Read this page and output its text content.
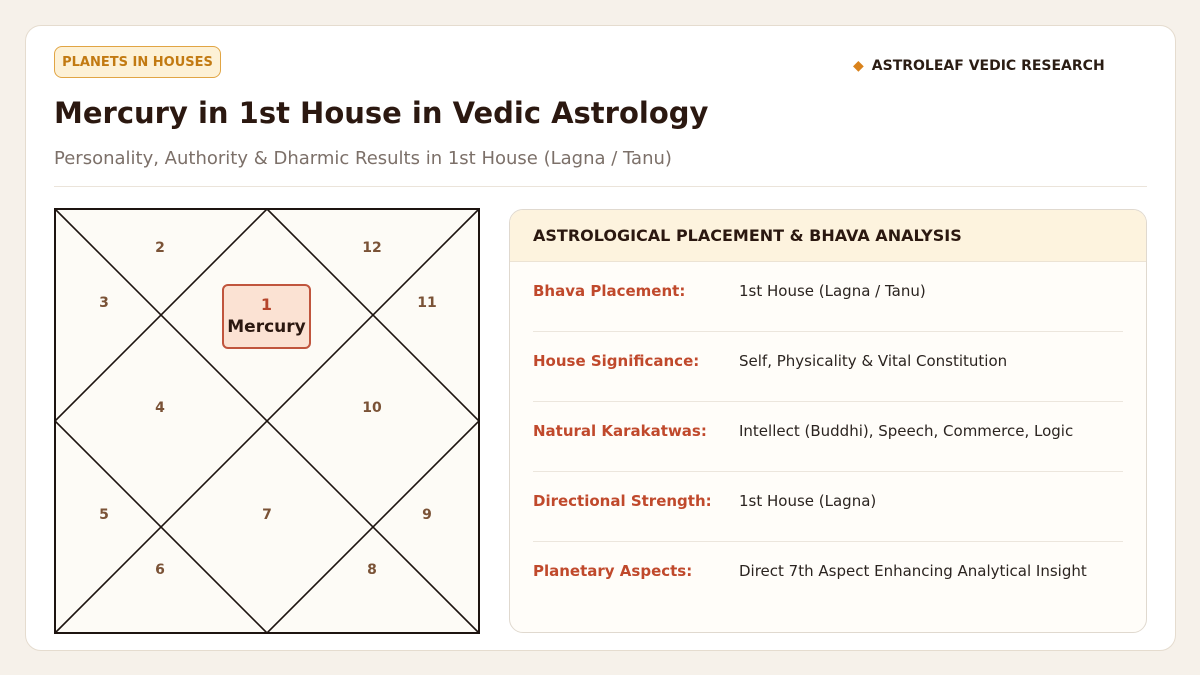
PLANETS IN HOUSES	◆ ASTROLEAF VEDIC RESEARCH
Mercury in 1st House in Vedic Astrology
Personality, Authority & Dharmic Results in 1st House (Lagna / Tanu)
1
Mercury
2	12
3	11
4	10
5	7	9
6	8
ASTROLOGICAL PLACEMENT & BHAVA ANALYSIS
Bhava Placement:	1st House (Lagna / Tanu)
House Significance:	Self, Physicality & Vital Constitution
Natural Karakatwas:	Intellect (Buddhi), Speech, Commerce, Logic
Directional Strength:	1st House (Lagna)
Planetary Aspects:	Direct 7th Aspect Enhancing Analytical Insight
